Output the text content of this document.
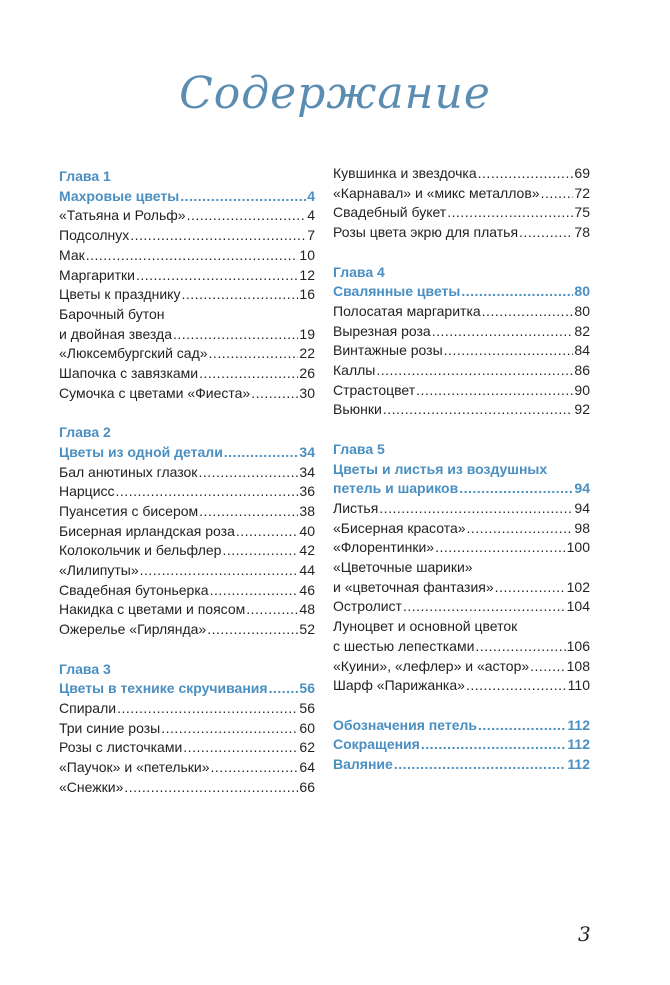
Содержание
Глава 1
Махровые цветы .....	4
«Татьяна и Рольф» .....	4
Подсолнух .....	7
Мак .....	10
Маргаритки .....	12
Цветы к празднику .....	16
Барочный бутон
и двойная звезда .....	19
«Люксембургский сад» .....	22
Шапочка с завязками .....	26
Сумочка с цветами «Фиеста» .....	30
Глава 2
Цветы из одной детали .....	34
Бал анютиных глазок .....	34
Нарцисс .....	36
Пуансетия с бисером .....	38
Бисерная ирландская роза .....	40
Колокольчик и бельфлер .....	42
«Лилипуты» .....	44
Свадебная бутоньерка .....	46
Накидка с цветами и поясом .....	48
Ожерелье «Гирлянда» .....	52
Глава 3
Цветы в технике скручивания ..... 56
Спирали .....	56
Три синие розы .....	60
Розы с листочками .....	62
«Паучок» и «петельки» .....	64
«Снежки» .....	66
Кувшинка и звездочка .....	69
«Карнавал» и «микс металлов» ..... 72
Свадебный букет .....	75
Розы цвета экрю для платья .....	78
Глава 4
Свалянные цветы .....	80
Полосатая маргаритка .....	80
Вырезная роза .....	82
Винтажные розы .....	84
Каллы .....	86
Страстоцвет .....	90
Вьюнки .....	92
Глава 5
Цветы и листья из воздушных
петель и шариков .....	94
Листья .....	94
«Бисерная красота» .....	98
«Флорентинки» .....	100
«Цветочные шарики»
и «цветочная фантазия» .....	102
Остролист .....	104
Луноцвет и основной цветок
с шестью лепестками .....	106
«Куини», «лефлер» и «астор» .....	108
Шарф «Парижанка» .....	110
Обозначения петель .....	112
Сокращения .....	112
Валяние .....	112
3
